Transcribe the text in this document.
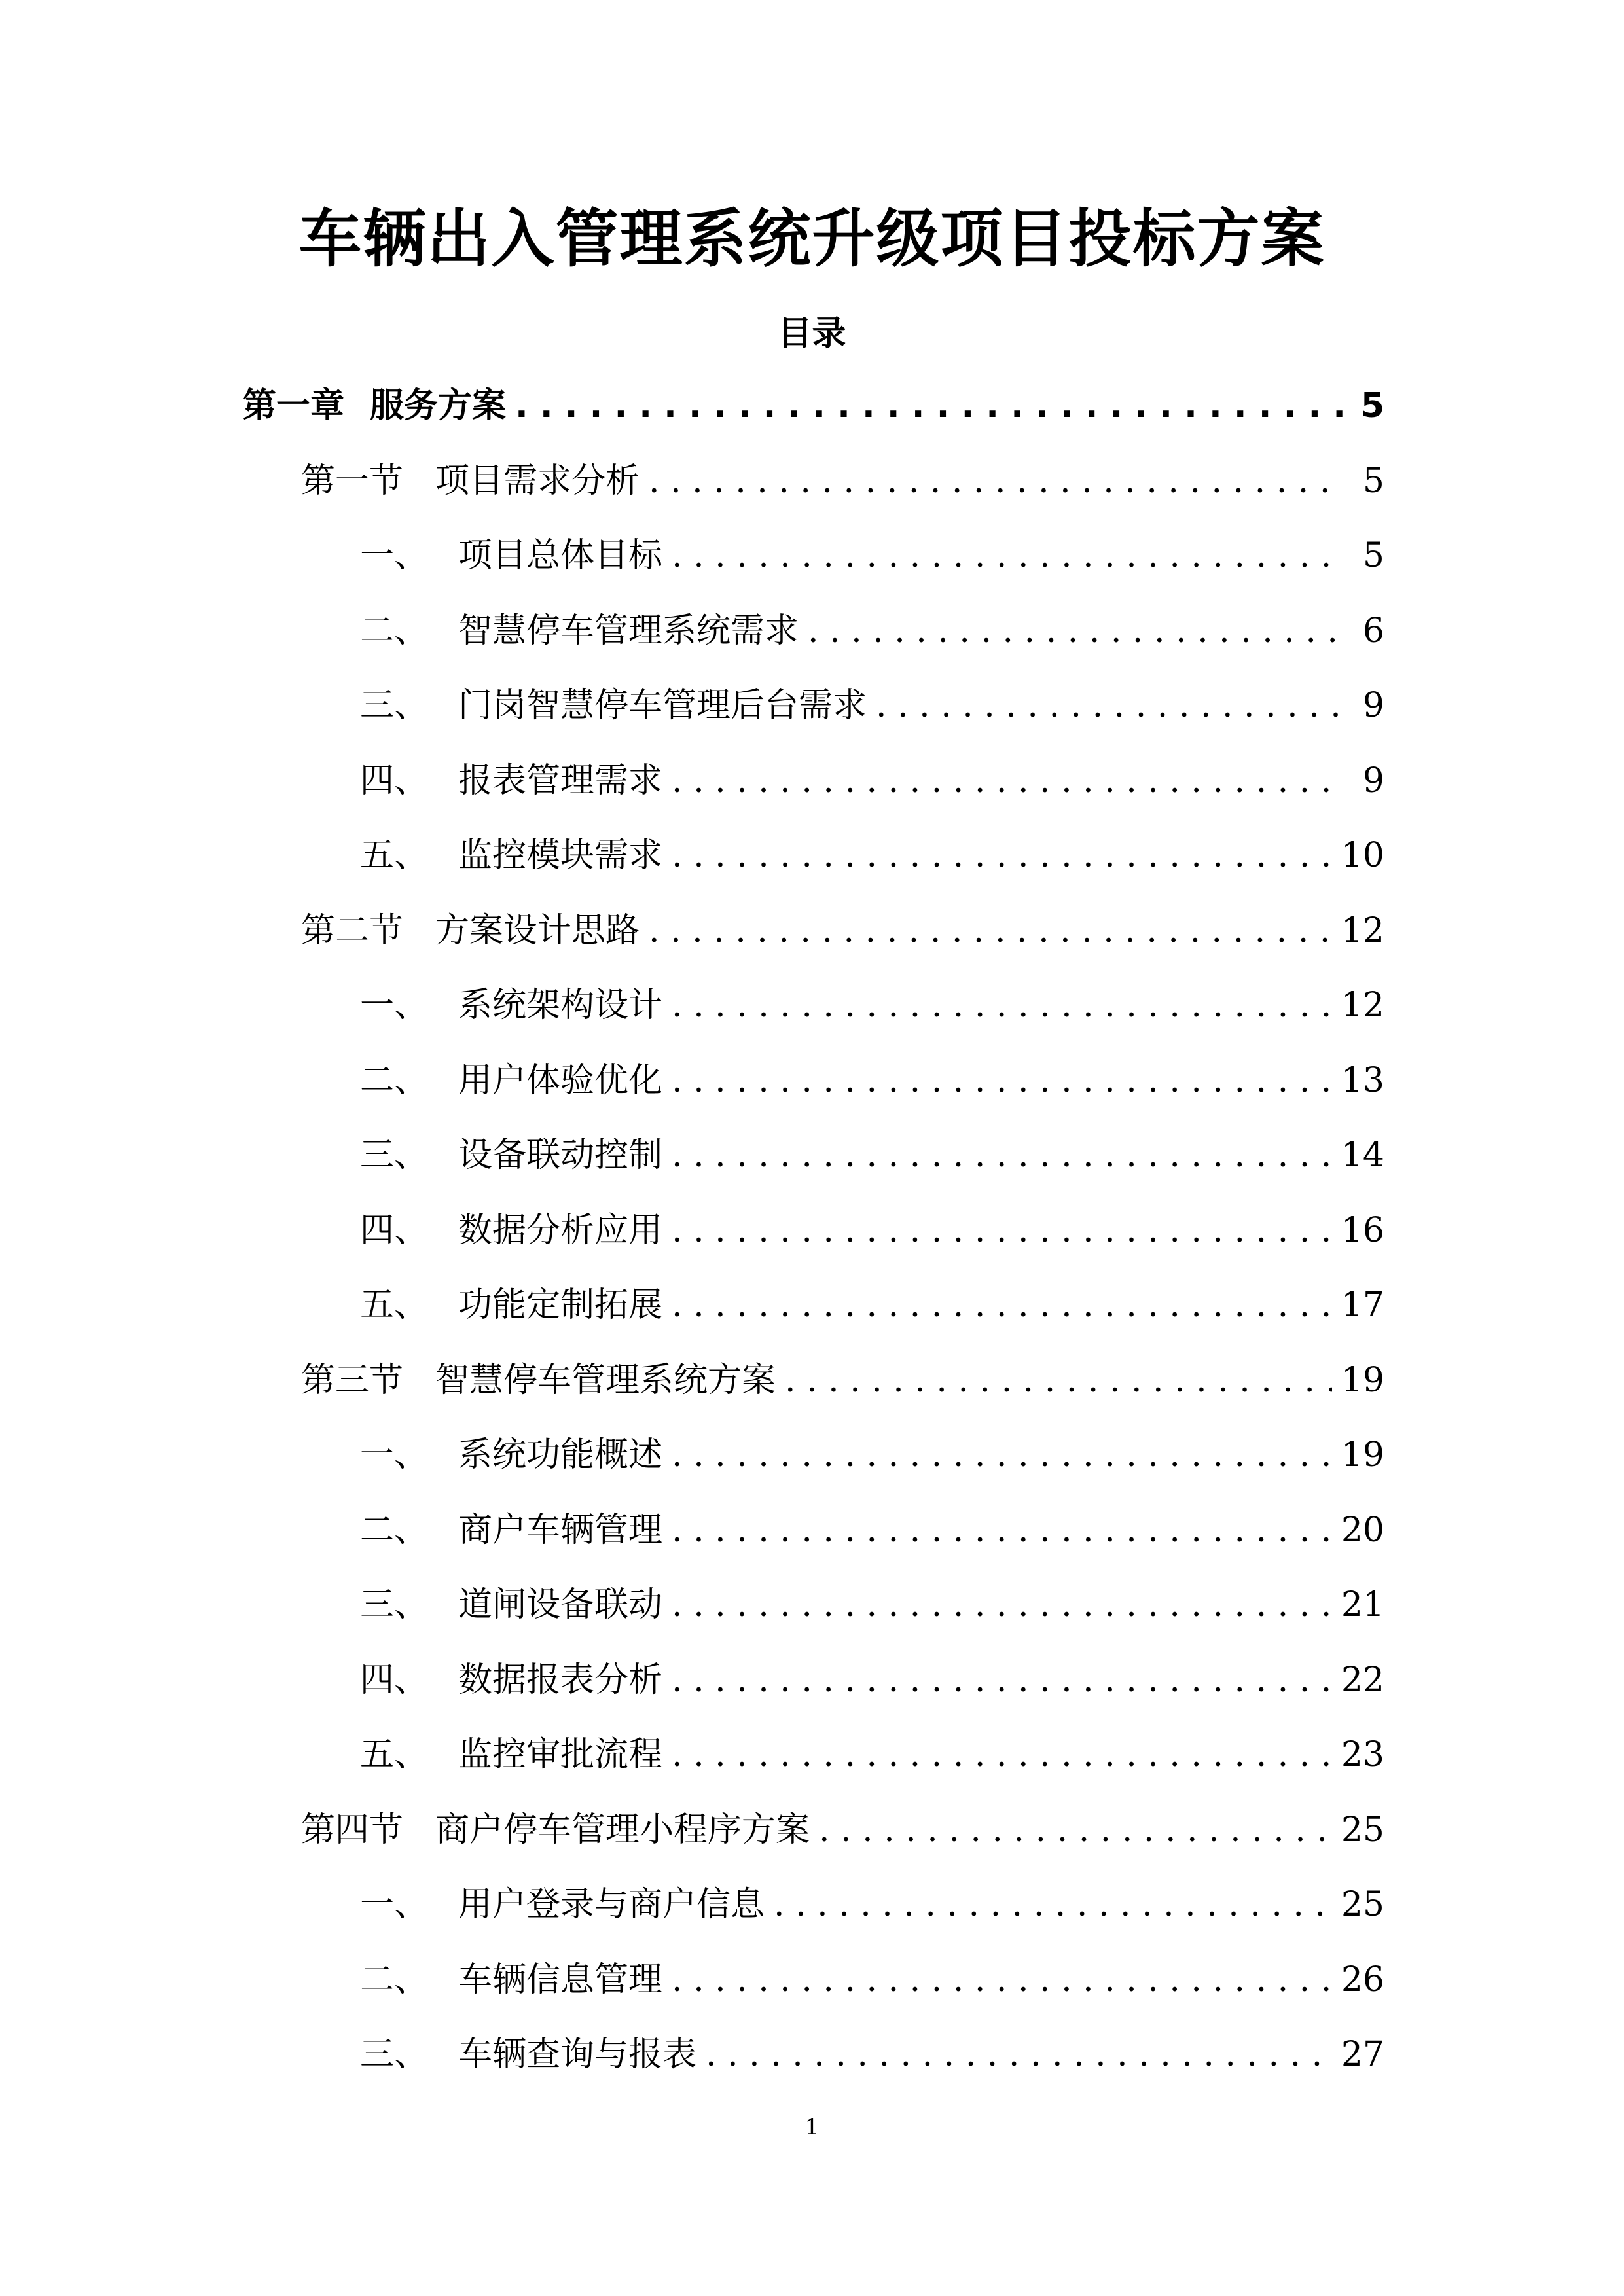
车辆出入管理系统升级项目投标方案
目录
第一章 服务方案 . . .	5
第一节 项目需求分析 . . .	5
一、 项目总体目标 . . .	5
二、 智慧停车管理系统需求 . . .	6
三、 门岗智慧停车管理后台需求 . . .	9
四、 报表管理需求 . . .	9
五、 监控模块需求 . . .	10
第二节 方案设计思路 . . .	12
一、 系统架构设计 . . .	12
二、 用户体验优化 . . .	13
三、 设备联动控制 . . .	14
四、 数据分析应用 . . .	16
五、 功能定制拓展 . . .	17
第三节 智慧停车管理系统方案 . . .	19
一、 系统功能概述 . . .	19
二、 商户车辆管理 . . .	20
三、 道闸设备联动 . . .	21
四、 数据报表分析 . . .	22
五、 监控审批流程 . . .	23
第四节 商户停车管理小程序方案 . . .	25
一、 用户登录与商户信息 . . .	25
二、 车辆信息管理 . . .	26
三、 车辆查询与报表 . . .	27
1
